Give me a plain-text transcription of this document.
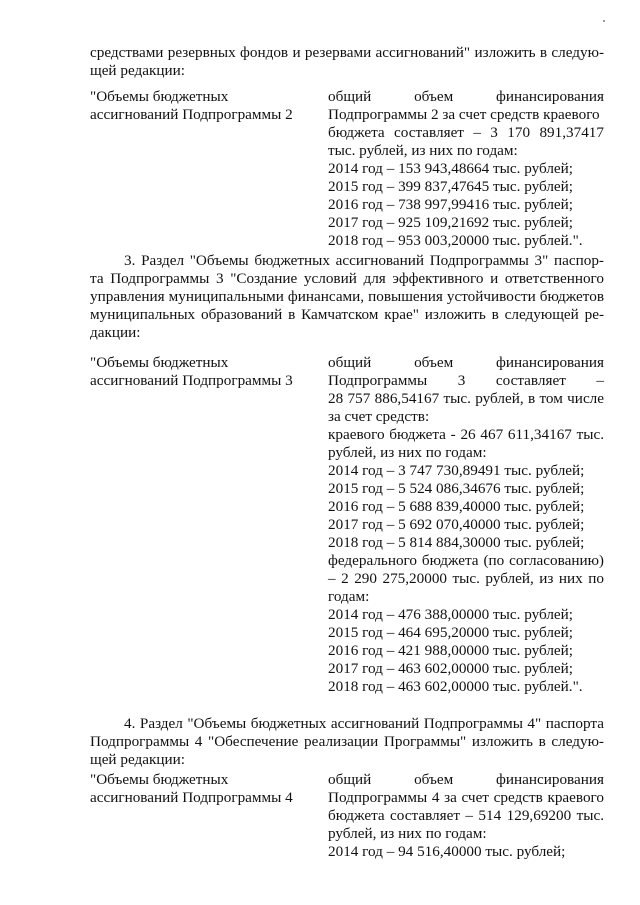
средствами резервных фондов и резервами ассигнований" изложить в следую-
щей редакции:
"Объемы бюджетных
ассигнований Подпрограммы 2
общий объем финансирования
Подпрограммы 2 за счет средств краевого
бюджета составляет – 3 170 891,37417
тыс. рублей, из них по годам:
2014 год – 153 943,48664 тыс. рублей;
2015 год – 399 837,47645 тыс. рублей;
2016 год – 738 997,99416 тыс. рублей;
2017 год – 925 109,21692 тыс. рублей;
2018 год – 953 003,20000 тыс. рублей.".
3. Раздел "Объемы бюджетных ассигнований Подпрограммы 3" паспор-
та Подпрограммы 3 "Создание условий для эффективного и ответственного
управления муниципальными финансами, повышения устойчивости бюджетов
муниципальных образований в Камчатском крае" изложить в следующей ре-
дакции:
"Объемы бюджетных
ассигнований Подпрограммы 3
общий объем финансирования
Подпрограммы 3 составляет –
28 757 886,54167 тыс. рублей, в том числе
за счет средств:
краевого бюджета - 26 467 611,34167 тыс.
рублей, из них по годам:
2014 год – 3 747 730,89491 тыс. рублей;
2015 год – 5 524 086,34676 тыс. рублей;
2016 год – 5 688 839,40000 тыс. рублей;
2017 год – 5 692 070,40000 тыс. рублей;
2018 год – 5 814 884,30000 тыс. рублей;
федерального бюджета (по согласованию)
– 2 290 275,20000 тыс. рублей, из них по
годам:
2014 год – 476 388,00000 тыс. рублей;
2015 год – 464 695,20000 тыс. рублей;
2016 год – 421 988,00000 тыс. рублей;
2017 год – 463 602,00000 тыс. рублей;
2018 год – 463 602,00000 тыс. рублей.".
4. Раздел "Объемы бюджетных ассигнований Подпрограммы 4" паспорта
Подпрограммы 4 "Обеспечение реализации Программы" изложить в следую-
щей редакции:
"Объемы бюджетных
ассигнований Подпрограммы 4
общий объем финансирования
Подпрограммы 4 за счет средств краевого
бюджета составляет – 514 129,69200 тыс.
рублей, из них по годам:
2014 год – 94 516,40000 тыс. рублей;
